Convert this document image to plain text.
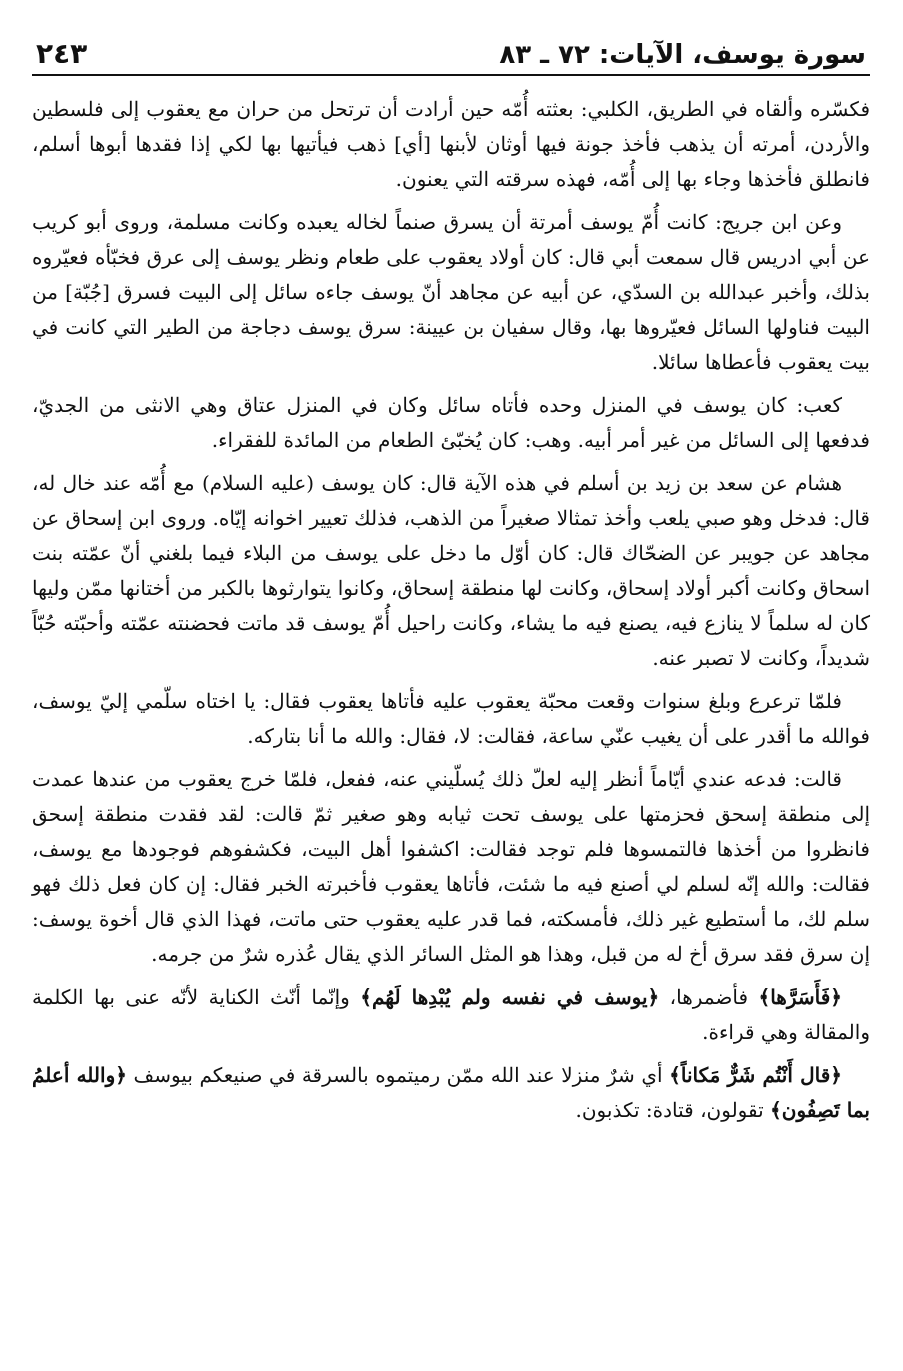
سورة يوسف، الآيات: ٧٢ ـ ٨٣
٢٤٣

فكسّره وألقاه في الطريق، الكلبي: بعثته أُمّه حين أرادت أن ترتحل من حران مع يعقوب إلى فلسطين والأردن، أمرته أن يذهب فأخذ جونة فيها أوثان لأبنها [أي] ذهب فيأتيها بها لكي إذا فقدها أبوها أسلم، فانطلق فأخذها وجاء بها إلى أُمّه، فهذه سرقته التي يعنون.

وعن ابن جريج: كانت أُمّ يوسف أمرتة أن يسرق صنماً لخاله يعبده وكانت مسلمة، وروى أبو كريب عن أبي ادريس قال سمعت أبي قال: كان أولاد يعقوب على طعام ونظر يوسف إلى عرق فخبّأه فعيّروه بذلك، وأخبر عبدالله بن السدّي، عن أبيه عن مجاهد أنّ يوسف جاءه سائل إلى البيت فسرق [جُبّة] من البيت فناولها السائل فعيّروها بها، وقال سفيان بن عيينة: سرق يوسف دجاجة من الطير التي كانت في بيت يعقوب فأعطاها سائلا.

كعب: كان يوسف في المنزل وحده فأتاه سائل وكان في المنزل عتاق وهي الانثى من الجديّ، فدفعها إلى السائل من غير أمر أبيه. وهب: كان يُخبّئ الطعام من المائدة للفقراء.

هشام عن سعد بن زيد بن أسلم في هذه الآية قال: كان يوسف (عليه السلام) مع أُمّه عند خال له، قال: فدخل وهو صبي يلعب وأخذ تمثالا صغيراً من الذهب، فذلك تعيير اخوانه إيّاه. وروى ابن إسحاق عن مجاهد عن جويبر عن الضحّاك قال: كان أوّل ما دخل على يوسف من البلاء فيما بلغني أنّ عمّته بنت اسحاق وكانت أكبر أولاد إسحاق، وكانت لها منطقة إسحاق، وكانوا يتوارثوها بالكبر من أختانها ممّن وليها كان له سلماً لا ينازع فيه، يصنع فيه ما يشاء، وكانت راحيل أُمّ يوسف قد ماتت فحضنته عمّته وأحبّته حُبّاً شديداً، وكانت لا تصبر عنه.

فلمّا ترعرع وبلغ سنوات وقعت محبّة يعقوب عليه فأتاها يعقوب فقال: يا اختاه سلّمي إليّ يوسف، فوالله ما أقدر على أن يغيب عنّي ساعة، فقالت: لا، فقال: والله ما أنا بتاركه.

قالت: فدعه عندي أيّاماً أنظر إليه لعلّ ذلك يُسلّيني عنه، ففعل، فلمّا خرج يعقوب من عندها عمدت إلى منطقة إسحق فحزمتها على يوسف تحت ثيابه وهو صغير ثمّ قالت: لقد فقدت منطقة إسحق فانظروا من أخذها فالتمسوها فلم توجد فقالت: اكشفوا أهل البيت، فكشفوهم فوجودها مع يوسف، فقالت: والله إنّه لسلم لي أصنع فيه ما شئت، فأتاها يعقوب فأخبرته الخبر فقال: إن كان فعل ذلك فهو سلم لك، ما أستطيع غير ذلك، فأمسكته، فما قدر عليه يعقوب حتى ماتت، فهذا الذي قال أخوة يوسف: إن سرق فقد سرق أخ له من قبل، وهذا هو المثل السائر الذي يقال عُذره شرٌ من جرمه.

﴿فَأَسَرَّها﴾ فأضمرها، ﴿يوسف في نفسه ولم يُبْدِها لَهُم﴾ وإنّما أنّث الكناية لأنّه عنى بها الكلمة والمقالة وهي قراءة.

﴿قال أَنْتُم شَرٌّ مَكاناً﴾ أي شرٌ منزلا عند الله ممّن رميتموه بالسرقة في صنيعكم بيوسف ﴿والله أعلمُ بما تَصِفُون﴾ تقولون، قتادة: تكذبون.
